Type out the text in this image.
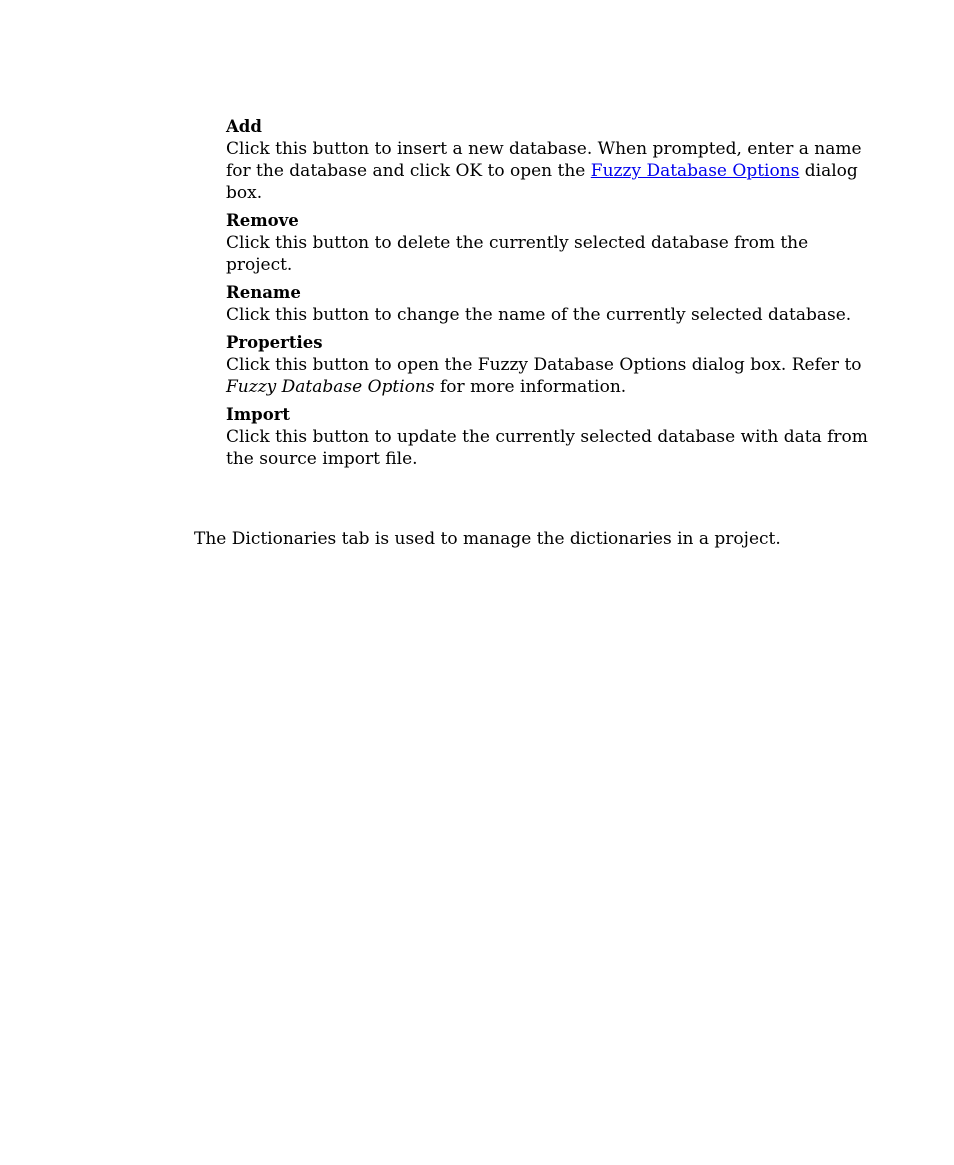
Add

Click this button to insert a new database. When prompted, enter a name for the database and click OK to open the Fuzzy Database Options dialog box.

Remove

Click this button to delete the currently selected database from the project.

Rename

Click this button to change the name of the currently selected database.

Properties

Click this button to open the Fuzzy Database Options dialog box. Refer to Fuzzy Database Options for more information.

Import

Click this button to update the currently selected database with data from the source import file.

The Dictionaries tab is used to manage the dictionaries in a project.
